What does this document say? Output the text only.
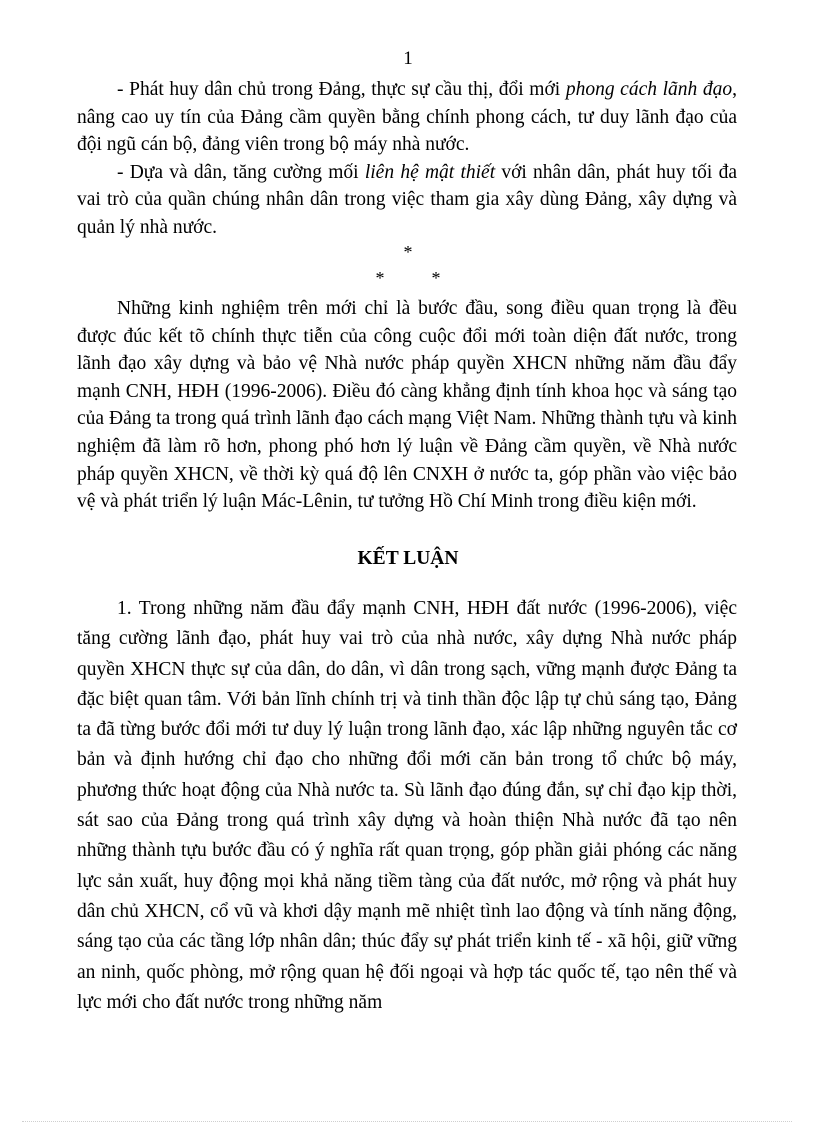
1

- Phát huy dân chủ trong Đảng, thực sự cầu thị, đổi mới phong cách lãnh đạo, nâng cao uy tín của Đảng cầm quyền bằng chính phong cách, tư duy lãnh đạo của đội ngũ cán bộ, đảng viên trong bộ máy nhà nước.

- Dựa và dân, tăng cường mối liên hệ mật thiết với nhân dân, phát huy tối đa vai trò của quần chúng nhân dân trong việc tham gia xây dùng Đảng, xây dựng và quản lý nhà nước.

*
*	*

Những kinh nghiệm trên mới chỉ là bước đầu, song điều quan trọng là đều được đúc kết tõ chính thực tiễn của công cuộc đổi mới toàn diện đất nước, trong lãnh đạo xây dựng và bảo vệ Nhà nước pháp quyền XHCN những năm đầu đẩy mạnh CNH, HĐH (1996-2006). Điều đó càng khẳng định tính khoa học và sáng tạo của Đảng ta trong quá trình lãnh đạo cách mạng Việt Nam. Những thành tựu và kinh nghiệm đã làm rõ hơn, phong phó hơn lý luận về Đảng cầm quyền, về Nhà nước pháp quyền XHCN, về thời kỳ quá độ lên CNXH ở nước ta, góp phần vào việc bảo vệ và phát triển lý luận Mác-Lênin, tư tưởng Hồ Chí Minh trong điều kiện mới.

KẾT LUẬN

1. Trong những năm đầu đẩy mạnh CNH, HĐH đất nước (1996-2006), việc tăng cường lãnh đạo, phát huy vai trò của nhà nước, xây dựng Nhà nước pháp quyền XHCN thực sự của dân, do dân, vì dân trong sạch, vững mạnh được Đảng ta đặc biệt quan tâm. Với bản lĩnh chính trị và tinh thần độc lập tự chủ sáng tạo, Đảng ta đã từng bước đổi mới tư duy lý luận trong lãnh đạo, xác lập những nguyên tắc cơ bản và định hướng chỉ đạo cho những đổi mới căn bản trong tổ chức bộ máy, phương thức hoạt động của Nhà nước ta. Sù lãnh đạo đúng đắn, sự chỉ đạo kịp thời, sát sao của Đảng trong quá trình xây dựng và hoàn thiện Nhà nước đã tạo nên những thành tựu bước đầu có ý nghĩa rất quan trọng, góp phần giải phóng các năng lực sản xuất, huy động mọi khả năng tiềm tàng của đất nước, mở rộng và phát huy dân chủ XHCN, cổ vũ và khơi dậy mạnh mẽ nhiệt tình lao động và tính năng động, sáng tạo của các tầng lớp nhân dân; thúc đẩy sự phát triển kinh tế - xã hội, giữ vững an ninh, quốc phòng, mở rộng quan hệ đối ngoại và hợp tác quốc tế, tạo nên thế và lực mới cho đất nước trong những năm
